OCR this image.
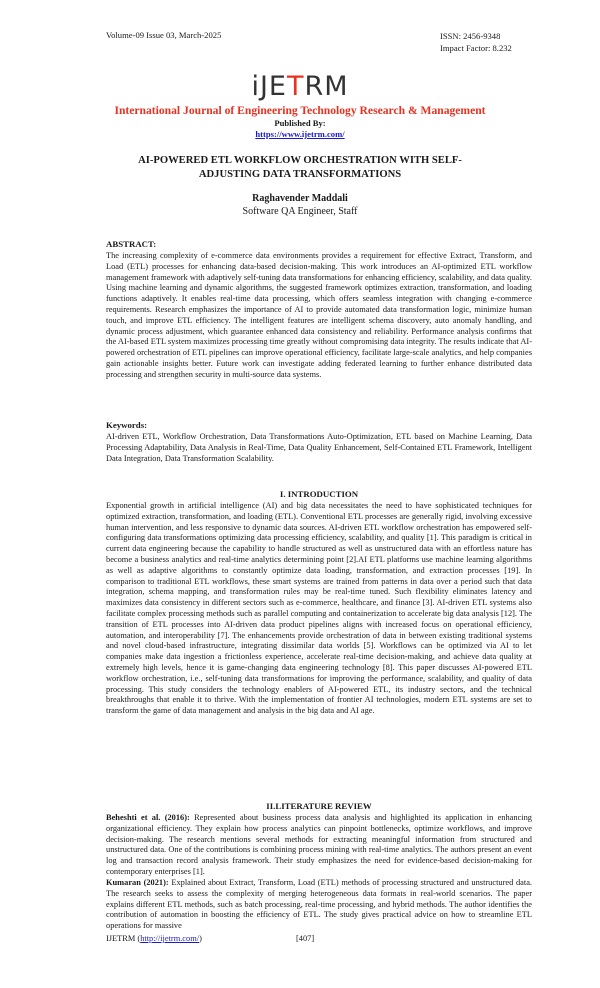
Volume-09 Issue 03, March-2025	ISSN: 2456-9348
Impact Factor: 8.232
iJETRM
International Journal of Engineering Technology Research & Management
Published By:
https://www.ijetrm.com/
AI-POWERED ETL WORKFLOW ORCHESTRATION WITH SELF-ADJUSTING DATA TRANSFORMATIONS
Raghavender Maddali
Software QA Engineer, Staff
ABSTRACT:
The increasing complexity of e-commerce data environments provides a requirement for effective Extract, Transform, and Load (ETL) processes for enhancing data-based decision-making. This work introduces an AI-optimized ETL workflow management framework with adaptively self-tuning data transformations for enhancing efficiency, scalability, and data quality. Using machine learning and dynamic algorithms, the suggested framework optimizes extraction, transformation, and loading functions adaptively. It enables real-time data processing, which offers seamless integration with changing e-commerce requirements. Research emphasizes the importance of AI to provide automated data transformation logic, minimize human touch, and improve ETL efficiency. The intelligent features are intelligent schema discovery, auto anomaly handling, and dynamic process adjustment, which guarantee enhanced data consistency and reliability. Performance analysis confirms that the AI-based ETL system maximizes processing time greatly without compromising data integrity. The results indicate that AI-powered orchestration of ETL pipelines can improve operational efficiency, facilitate large-scale analytics, and help companies gain actionable insights better. Future work can investigate adding federated learning to further enhance distributed data processing and strengthen security in multi-source data systems.
Keywords:
AI-driven ETL, Workflow Orchestration, Data Transformations Auto-Optimization, ETL based on Machine Learning, Data Processing Adaptability, Data Analysis in Real-Time, Data Quality Enhancement, Self-Contained ETL Framework, Intelligent Data Integration, Data Transformation Scalability.
I. INTRODUCTION
Exponential growth in artificial intelligence (AI) and big data necessitates the need to have sophisticated techniques for optimized extraction, transformation, and loading (ETL). Conventional ETL processes are generally rigid, involving excessive human intervention, and less responsive to dynamic data sources. AI-driven ETL workflow orchestration has empowered self-configuring data transformations optimizing data processing efficiency, scalability, and quality [1]. This paradigm is critical in current data engineering because the capability to handle structured as well as unstructured data with an effortless nature has become a business analytics and real-time analytics determining point [2].AI ETL platforms use machine learning algorithms as well as adaptive algorithms to constantly optimize data loading, transformation, and extraction processes [19]. In comparison to traditional ETL workflows, these smart systems are trained from patterns in data over a period such that data integration, schema mapping, and transformation rules may be real-time tuned. Such flexibility eliminates latency and maximizes data consistency in different sectors such as e-commerce, healthcare, and finance [3]. AI-driven ETL systems also facilitate complex processing methods such as parallel computing and containerization to accelerate big data analysis [12]. The transition of ETL processes into AI-driven data product pipelines aligns with increased focus on operational efficiency, automation, and interoperability [7]. The enhancements provide orchestration of data in between existing traditional systems and novel cloud-based infrastructure, integrating dissimilar data worlds [5]. Workflows can be optimized via AI to let companies make data ingestion a frictionless experience, accelerate real-time decision-making, and achieve data quality at extremely high levels, hence it is game-changing data engineering technology [8]. This paper discusses AI-powered ETL workflow orchestration, i.e., self-tuning data transformations for improving the performance, scalability, and quality of data processing. This study considers the technology enablers of AI-powered ETL, its industry sectors, and the technical breakthroughs that enable it to thrive. With the implementation of frontier AI technologies, modern ETL systems are set to transform the game of data management and analysis in the big data and AI age.
II.LITERATURE REVIEW
Beheshti et al. (2016): Represented about business process data analysis and highlighted its application in enhancing organizational efficiency. They explain how process analytics can pinpoint bottlenecks, optimize workflows, and improve decision-making. The research mentions several methods for extracting meaningful information from structured and unstructured data. One of the contributions is combining process mining with real-time analytics. The authors present an event log and transaction record analysis framework. Their study emphasizes the need for evidence-based decision-making for contemporary enterprises [1].
Kumaran (2021): Explained about Extract, Transform, Load (ETL) methods of processing structured and unstructured data. The research seeks to assess the complexity of merging heterogeneous data formats in real-world scenarios. The paper explains different ETL methods, such as batch processing, real-time processing, and hybrid methods. The author identifies the contribution of automation in boosting the efficiency of ETL. The study gives practical advice on how to streamline ETL operations for massive
IJETRM (http://ijetrm.com/)	[407]
